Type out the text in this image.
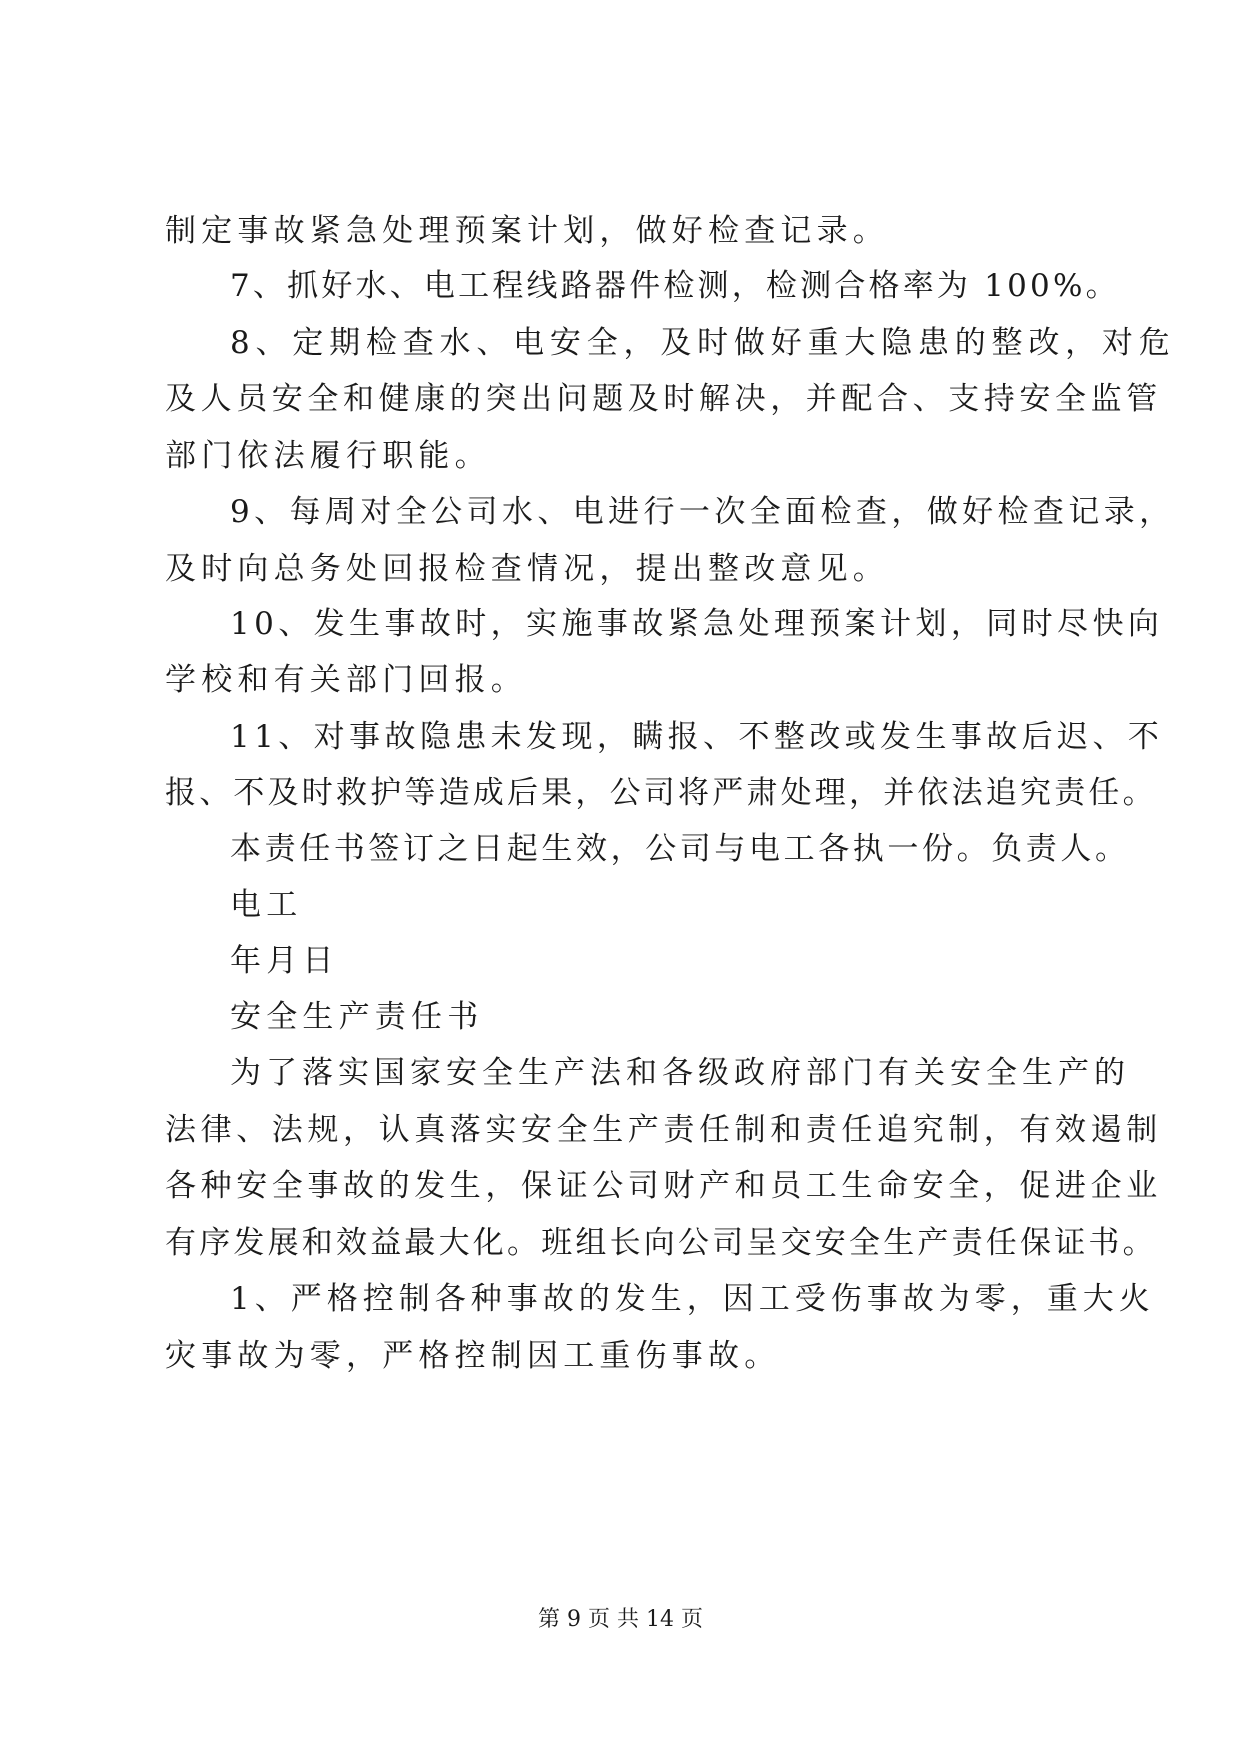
制定事故紧急处理预案计划，做好检查记录。
7、抓好水、电工程线路器件检测，检测合格率为 100%。
8、定期检查水、电安全，及时做好重大隐患的整改，对危
及人员安全和健康的突出问题及时解决，并配合、支持安全监管
部门依法履行职能。
9、每周对全公司水、电进行一次全面检查，做好检查记录，
及时向总务处回报检查情况，提出整改意见。
10、发生事故时，实施事故紧急处理预案计划，同时尽快向
学校和有关部门回报。
11、对事故隐患未发现，瞒报、不整改或发生事故后迟、不
报、不及时救护等造成后果，公司将严肃处理，并依法追究责任。
本责任书签订之日起生效，公司与电工各执一份。负责人。
电工
年月日
安全生产责任书
为了落实国家安全生产法和各级政府部门有关安全生产的
法律、法规，认真落实安全生产责任制和责任追究制，有效遏制
各种安全事故的发生，保证公司财产和员工生命安全，促进企业
有序发展和效益最大化。班组长向公司呈交安全生产责任保证书。
1、严格控制各种事故的发生，因工受伤事故为零，重大火
灾事故为零，严格控制因工重伤事故。
第 9 页 共 14 页
